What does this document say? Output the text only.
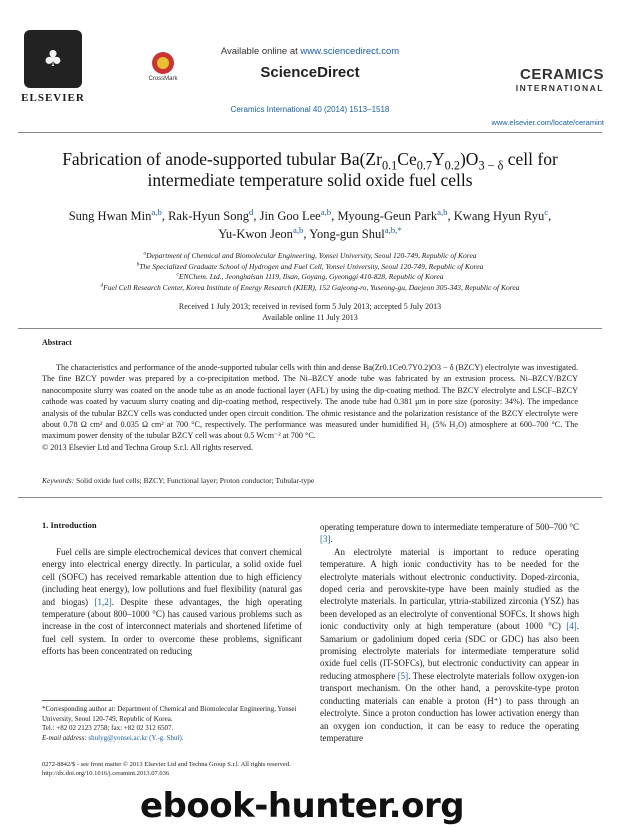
♣
ELSEVIER
CrossMark
Available online at www.sciencedirect.com
ScienceDirect	CERAMICS
INTERNATIONAL
Ceramics International 40 (2014) 1513–1518
www.elsevier.com/locate/ceramint
Fabrication of anode-supported tubular $Ba(Zr_{0.1}Ce_{0.7}Y_{0.2})O_{3 - \delta}$ cell for
intermediate temperature solid oxide fuel cells
Sung Hwan Min$^{a,b}$, Rak-Hyun Song$^d$, Jin Goo Lee$^{a,b}$, Myoung-Geun Park$^{a,b}$, Kwang Hyun Ryu$^c$,
Yu-Kwon Jeon$^{a,b}$, Yong-gun Shul$^{a,b,*}$
$^a$Department of Chemical and Biomolecular Engineering, Yonsei University, Seoul 120-749, Republic of Korea
$^b$The Specialized Graduate School of Hydrogen and Fuel Cell, Yonsei University, Seoul 120-749, Republic of Korea
$^c$ENChem. Ltd., Jeonghalsan 1119, Ilsan, Goyang, Gyeonggi 410-828, Republic of Korea
$^d$Fuel Cell Research Center, Korea Institute of Energy Research (KIER), 152 Gajeong-ro, Yuseong-gu, Daejeon 305-343, Republic of Korea
Received 1 July 2013; received in revised form 5 July 2013; accepted 5 July 2013
Available online 11 July 2013
Abstract

The characteristics and performance of the anode-supported tubular cells with thin and dense Ba(Zr0.1Ce0.7Y0.2)O3 − δ (BZCY) electrolyte was investigated. The fine BZCY powder was prepared by a co-precipitation method. The Ni–BZCY anode tube was fabricated by an extrusion process. Ni–BZCY/BZCY nanocomposite slurry was coated on the anode tube as an anode fuctional layer (AFL) by using the dip-coating method. The BZCY electrolyte and LSCF–BZCY cathode was coated by vacuum slurry coating and dip-coating method, respectively. The anode tube had 0.381 μm in pore size (porosity: 34%). The impedance analysis of the tubular BZCY cells was conducted under open circuit condition. The ohmic resistance and the polarization resistance of the BZCY electrolyte were about 0.78 Ω cm² and 0.035 Ω cm² at 700 °C, respectively. The performance was measured under humidified H₂ (5% H₂O) atmosphere at 600–700 °C. The maximum power density of the tubular BZCY cell was about 0.5 Wcm⁻² at 700 °C.

© 2013 Elsevier Ltd and Techna Group S.r.l. All rights reserved.

Keywords: Solid oxide fuel cells; BZCY; Functional layer; Proton conductor; Tubular-type
1. Introduction

Fuel cells are simple electrochemical devices that convert chemical energy into electrical energy directly. In particular, a solid oxide fuel cell (SOFC) has received remarkable attention due to high efficiency (including heat energy), low pollutions and fuel flexibility (natural gas and biogas) [1,2]. Despite these advantages, the high operating temperature (about 800–1000 °C) has caused various problems such as increase in the cost of interconnect materials and shortened lifetime of fuel cell system. In order to overcome these problems, significant efforts has been concentrated on reducing

operating temperature down to intermediate temperature of 500–700 °C [3].

An electrolyte material is important to reduce operating temperature. A high ionic conductivity has to be needed for the electrolyte materials without electronic conductivity. Doped-zirconia, doped ceria and perovskite-type have been mainly studied as the electrolyte materials. In particular, yttria-stabilized zirconia (YSZ) has been developed as an electrolyte of conventional SOFCs. It shows high ionic conductivity only at high temperature (about 1000 °C) [4]. Samarium or gadolinium doped ceria (SDC or GDC) has also been promising electrolyte materials for intermediate temperature solid oxide fuel cells (IT-SOFCs), but electronic conductivity can appear in reducing atmosphere [5]. These electrolyte materials follow oxygen-ion transport mechanism. On the other hand, a perovskite-type proton conducting materials can enable a proton (H⁺) to pass through an electrolyte. Since a proton conduction has lower activation energy than an oxygen ion conduction, it can be easy to reduce the operating temperature

*Corresponding author at: Department of Chemical and Biomolecular Engineering, Yonsei University, Seoul 120-749, Republic of Korea.
Tel.: +82 02 2123 2758; fax: +82 02 312 6507.
E-mail address: shulyg@yonsei.ac.kr (Y.-g. Shul).
0272-8842/$ - see front matter © 2013 Elsevier Ltd and Techna Group S.r.l. All rights reserved.
http://dx.doi.org/10.1016/j.ceramint.2013.07.036
ebook-hunter.org
